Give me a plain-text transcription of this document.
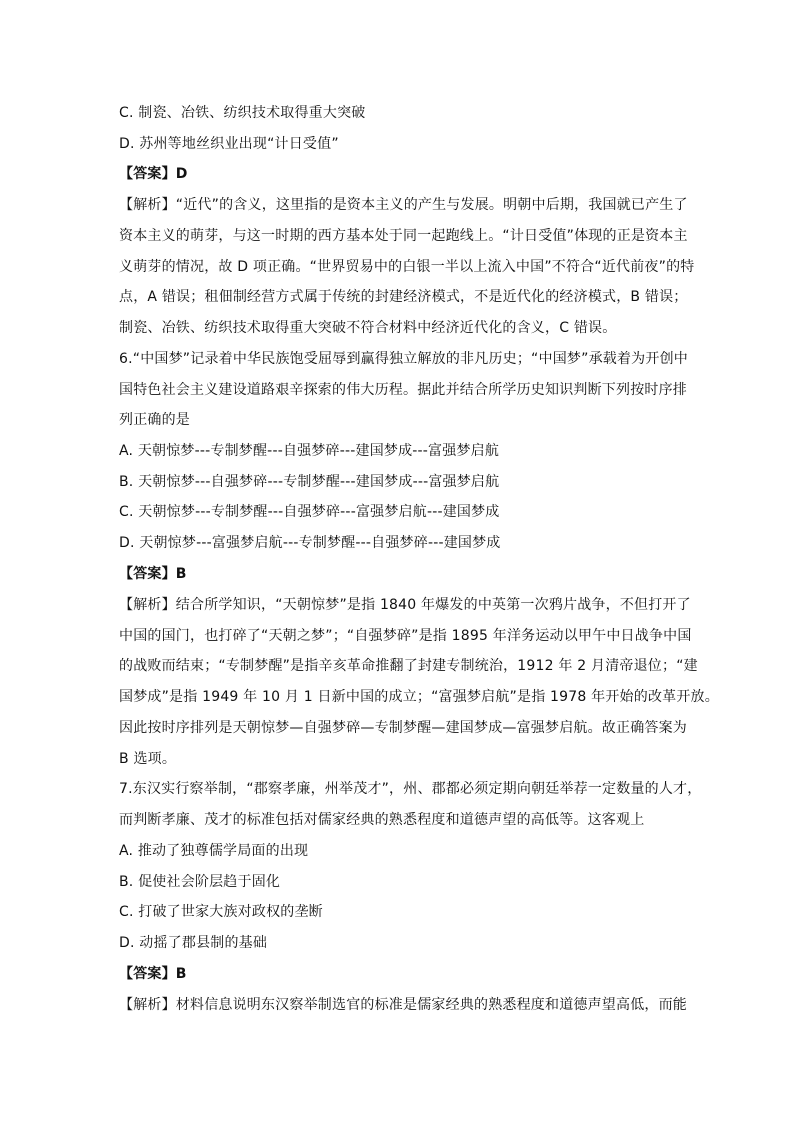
C. 制瓷、冶铁、纺织技术取得重大突破
D. 苏州等地丝织业出现“计日受值”
【答案】D
【解析】“近代”的含义，这里指的是资本主义的产生与发展。明朝中后期，我国就已产生了
资本主义的萌芽，与这一时期的西方基本处于同一起跑线上。“计日受值”体现的正是资本主
义萌芽的情况，故 D 项正确。“世界贸易中的白银一半以上流入中国”不符合“近代前夜”的特
点，A 错误；租佃制经营方式属于传统的封建经济模式，不是近代化的经济模式，B 错误；
制瓷、冶铁、纺织技术取得重大突破不符合材料中经济近代化的含义，C 错误。
6.“中国梦”记录着中华民族饱受屈辱到赢得独立解放的非凡历史；“中国梦”承载着为开创中
国特色社会主义建设道路艰辛探索的伟大历程。据此并结合所学历史知识判断下列按时序排
列正确的是
A. 天朝惊梦---专制梦醒---自强梦碎---建国梦成---富强梦启航
B. 天朝惊梦---自强梦碎---专制梦醒---建国梦成---富强梦启航
C. 天朝惊梦---专制梦醒---自强梦碎---富强梦启航---建国梦成
D. 天朝惊梦---富强梦启航---专制梦醒---自强梦碎---建国梦成
【答案】B
【解析】结合所学知识，“天朝惊梦”是指 1840 年爆发的中英第一次鸦片战争，不但打开了
中国的国门，也打碎了“天朝之梦”；“自强梦碎”是指 1895 年洋务运动以甲午中日战争中国
的战败而结束；“专制梦醒”是指辛亥革命推翻了封建专制统治，1912 年 2 月清帝退位；“建
国梦成”是指 1949 年 10 月 1 日新中国的成立；“富强梦启航”是指 1978 年开始的改革开放。
因此按时序排列是天朝惊梦—自强梦碎—专制梦醒—建国梦成—富强梦启航。故正确答案为
B 选项。
7.东汉实行察举制，“郡察孝廉，州举茂才”，州、郡都必须定期向朝廷举荐一定数量的人才，
而判断孝廉、茂才的标准包括对儒家经典的熟悉程度和道德声望的高低等。这客观上
A. 推动了独尊儒学局面的出现
B. 促使社会阶层趋于固化
C. 打破了世家大族对政权的垄断
D. 动摇了郡县制的基础
【答案】B
【解析】材料信息说明东汉察举制选官的标准是儒家经典的熟悉程度和道德声望高低，而能
